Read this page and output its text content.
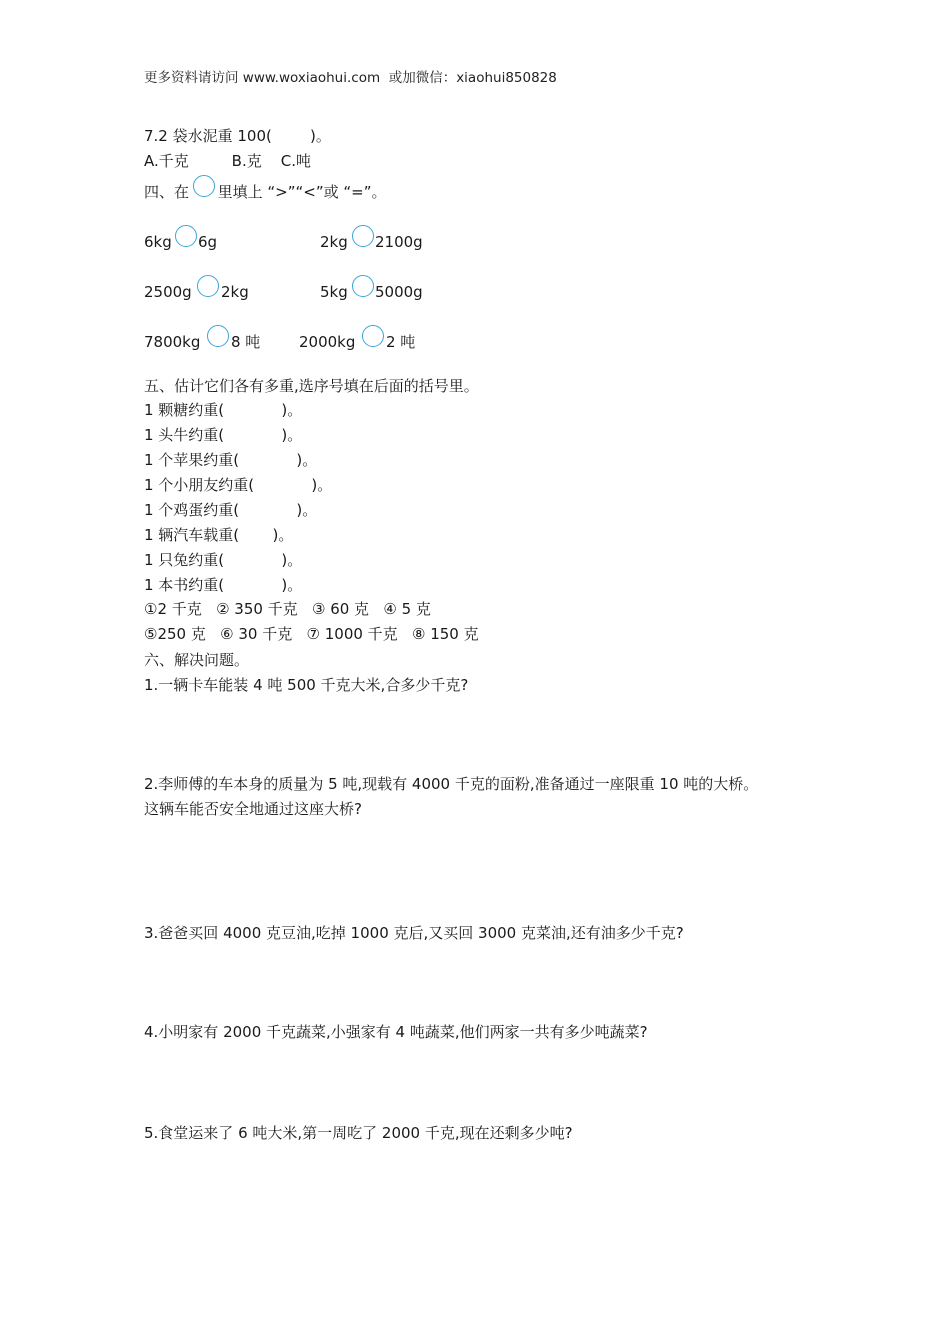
更多资料请访问 www.woxiaohui.com  或加微信：xiaohui850828
7.2 袋水泥重 100(        )。
A.千克         B.克    C.吨
四、在      里填上 “>”“<”或 “=”。
6kg 6g	2kg 2100g
2500g 2kg	5kg 5000g
7800kg 8 吨	2000kg 2 吨
五、估计它们各有多重,选序号填在后面的括号里。
1 颗糖约重(            )。
1 头牛约重(            )。
1 个苹果约重(            )。
1 个小朋友约重(            )。
1 个鸡蛋约重(            )。
1 辆汽车载重(       )。
1 只兔约重(            )。
1 本书约重(            )。
①2 千克   ② 350 千克   ③ 60 克   ④ 5 克
⑤250 克   ⑥ 30 千克   ⑦ 1000 千克   ⑧ 150 克
六、解决问题。
1.一辆卡车能装 4 吨 500 千克大米,合多少千克?
2.李师傅的车本身的质量为 5 吨,现载有 4000 千克的面粉,准备通过一座限重 10 吨的大桥。
这辆车能否安全地通过这座大桥?
3.爸爸买回 4000 克豆油,吃掉 1000 克后,又买回 3000 克菜油,还有油多少千克?
4.小明家有 2000 千克蔬菜,小强家有 4 吨蔬菜,他们两家一共有多少吨蔬菜?
5.食堂运来了 6 吨大米,第一周吃了 2000 千克,现在还剩多少吨?
